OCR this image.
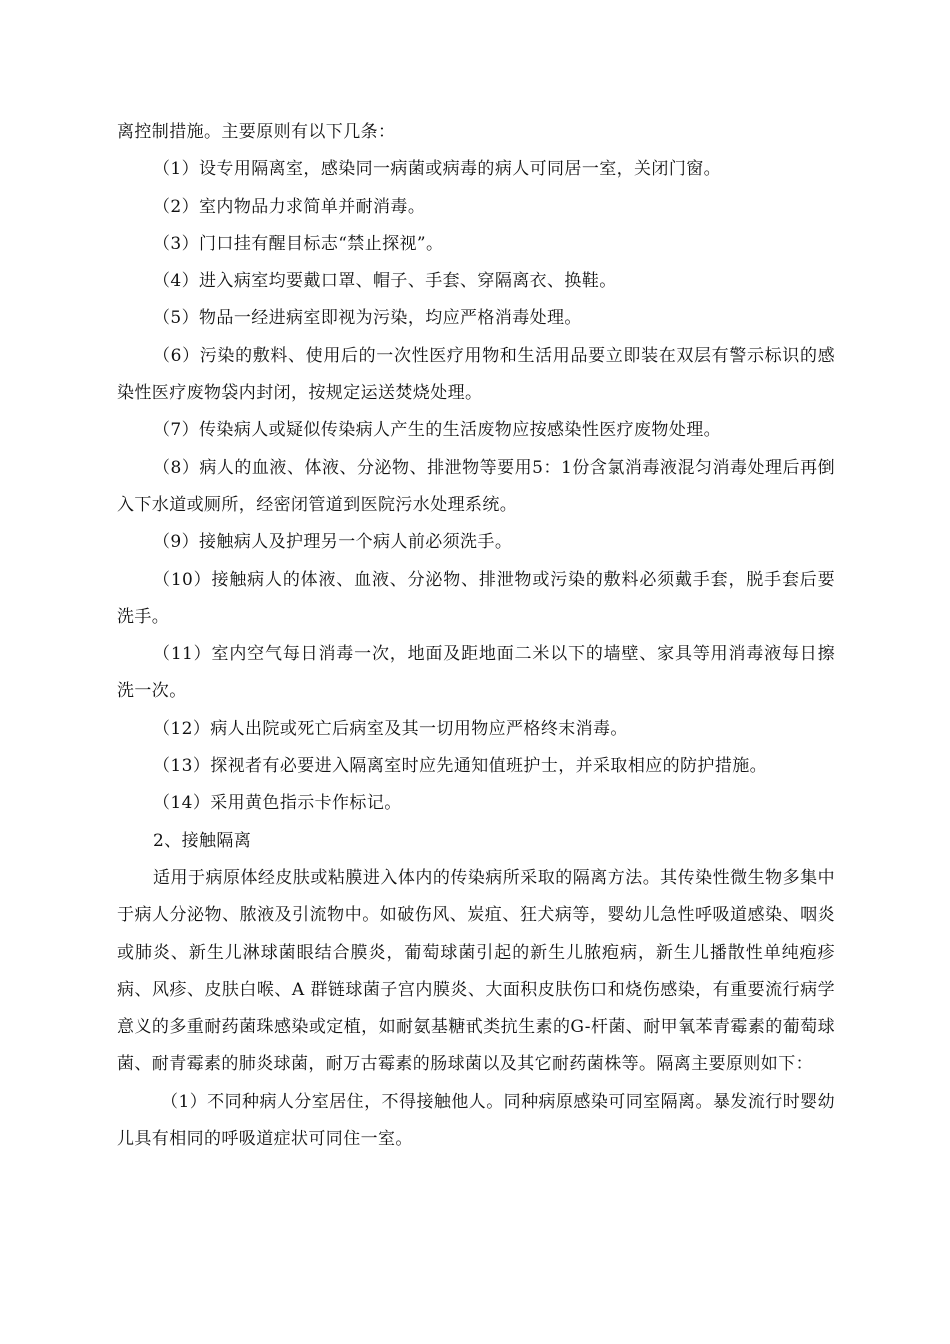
离控制措施。主要原则有以下几条：

（1）设专用隔离室，感染同一病菌或病毒的病人可同居一室，关闭门窗。

（2）室内物品力求简单并耐消毒。

（3）门口挂有醒目标志“禁止探视”。

（4）进入病室均要戴口罩、帽子、手套、穿隔离衣、换鞋。

（5）物品一经进病室即视为污染，均应严格消毒处理。

（6）污染的敷料、使用后的一次性医疗用物和生活用品要立即装在双层有警示标识的感染性医疗废物袋内封闭，按规定运送焚烧处理。

（7）传染病人或疑似传染病人产生的生活废物应按感染性医疗废物处理。

（8）病人的血液、体液、分泌物、排泄物等要用5：1份含氯消毒液混匀消毒处理后再倒入下水道或厕所，经密闭管道到医院污水处理系统。

（9）接触病人及护理另一个病人前必须洗手。

（10）接触病人的体液、血液、分泌物、排泄物或污染的敷料必须戴手套，脱手套后要洗手。

（11）室内空气每日消毒一次，地面及距地面二米以下的墙壁、家具等用消毒液每日擦洗一次。

（12）病人出院或死亡后病室及其一切用物应严格终末消毒。

（13）探视者有必要进入隔离室时应先通知值班护士，并采取相应的防护措施。

（14）采用黄色指示卡作标记。

2、接触隔离

适用于病原体经皮肤或粘膜进入体内的传染病所采取的隔离方法。其传染性微生物多集中于病人分泌物、脓液及引流物中。如破伤风、炭疽、狂犬病等，婴幼儿急性呼吸道感染、咽炎或肺炎、新生儿淋球菌眼结合膜炎，葡萄球菌引起的新生儿脓疱病，新生儿播散性单纯疱疹病、风疹、皮肤白喉、A 群链球菌子宫内膜炎、大面积皮肤伤口和烧伤感染，有重要流行病学意义的多重耐药菌珠感染或定植，如耐氨基糖甙类抗生素的G-杆菌、耐甲氧苯青霉素的葡萄球菌、耐青霉素的肺炎球菌，耐万古霉素的肠球菌以及其它耐药菌株等。隔离主要原则如下：

（1）不同种病人分室居住，不得接触他人。同种病原感染可同室隔离。暴发流行时婴幼儿具有相同的呼吸道症状可同住一室。
